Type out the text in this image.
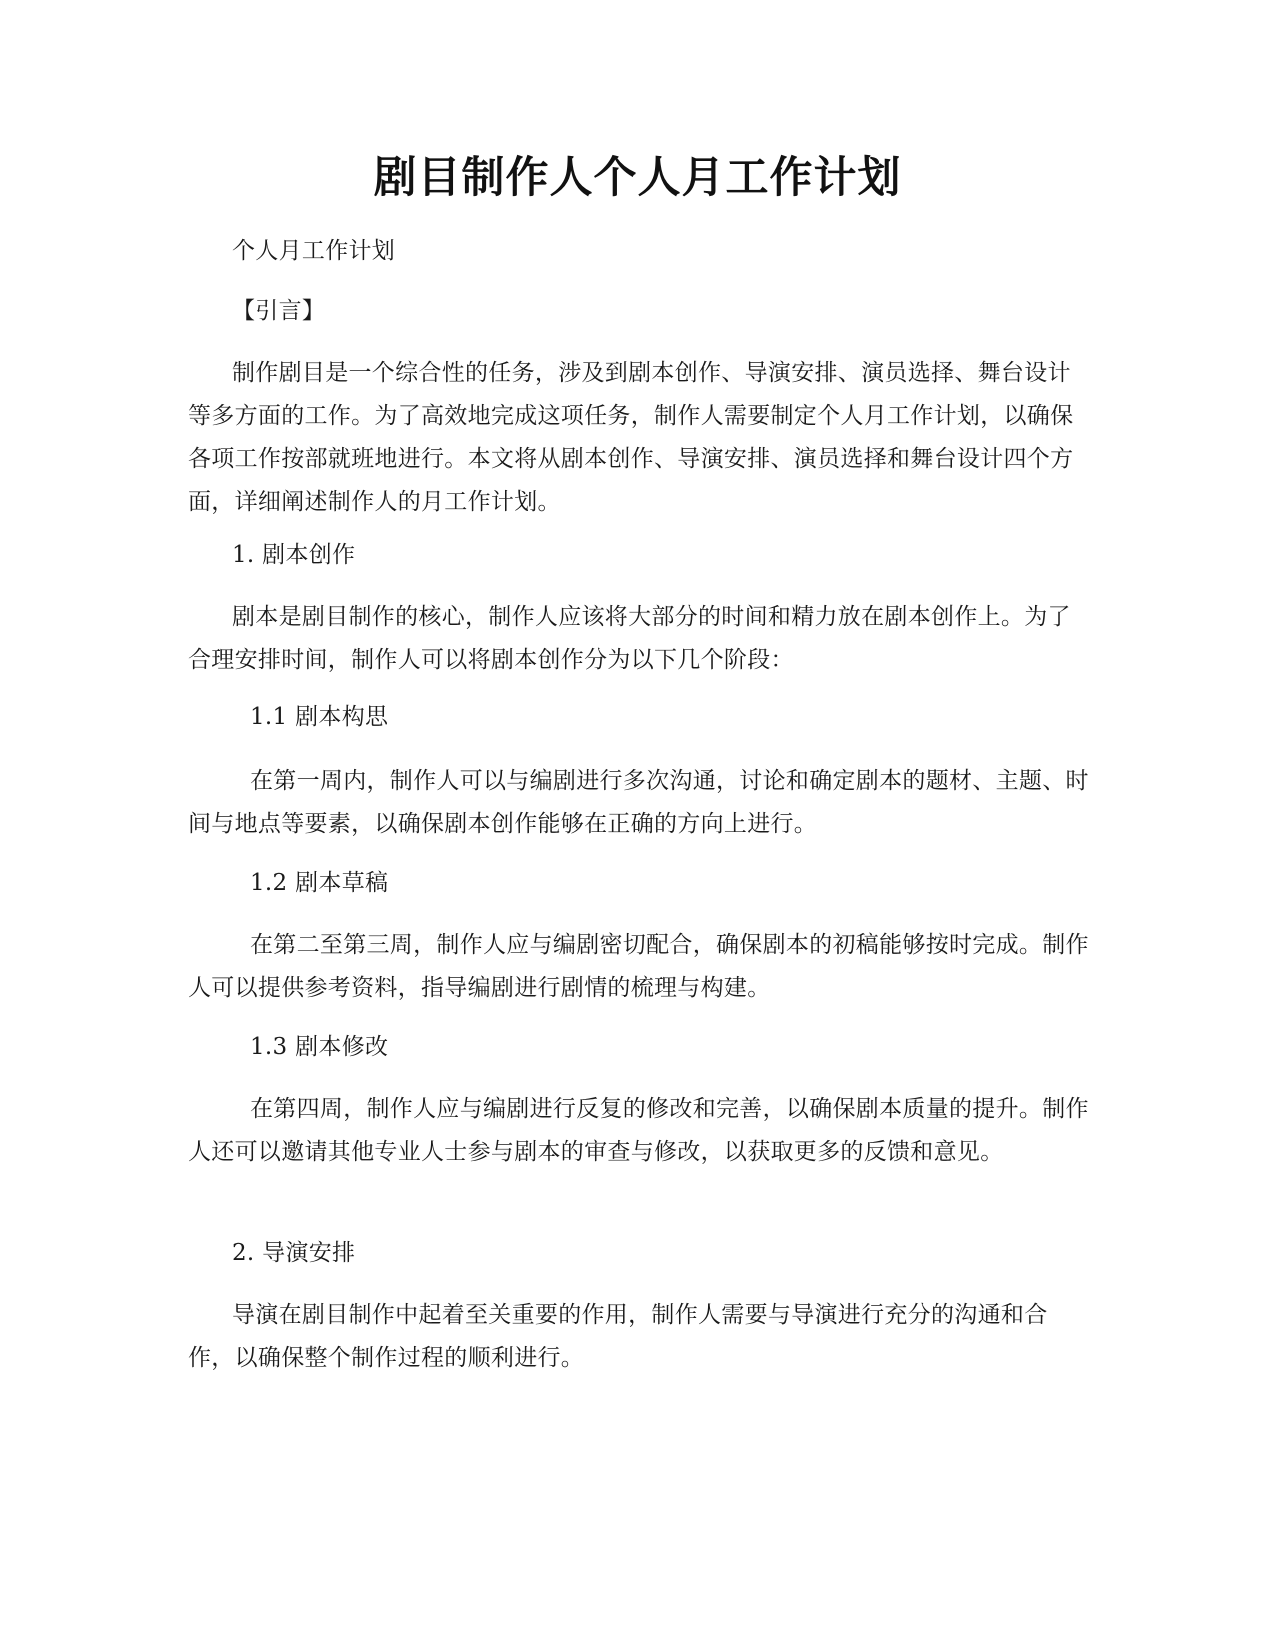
剧目制作人个人月工作计划

个人月工作计划

【引言】

制作剧目是一个综合性的任务，涉及到剧本创作、导演安排、演员选择、舞台设计等多方面的工作。为了高效地完成这项任务，制作人需要制定个人月工作计划，以确保各项工作按部就班地进行。本文将从剧本创作、导演安排、演员选择和舞台设计四个方面，详细阐述制作人的月工作计划。

1. 剧本创作

剧本是剧目制作的核心，制作人应该将大部分的时间和精力放在剧本创作上。为了合理安排时间，制作人可以将剧本创作分为以下几个阶段：

1.1 剧本构思

在第一周内，制作人可以与编剧进行多次沟通，讨论和确定剧本的题材、主题、时间与地点等要素，以确保剧本创作能够在正确的方向上进行。

1.2 剧本草稿

在第二至第三周，制作人应与编剧密切配合，确保剧本的初稿能够按时完成。制作人可以提供参考资料，指导编剧进行剧情的梳理与构建。

1.3 剧本修改

在第四周，制作人应与编剧进行反复的修改和完善，以确保剧本质量的提升。制作人还可以邀请其他专业人士参与剧本的审查与修改，以获取更多的反馈和意见。

2. 导演安排

导演在剧目制作中起着至关重要的作用，制作人需要与导演进行充分的沟通和合作，以确保整个制作过程的顺利进行。
